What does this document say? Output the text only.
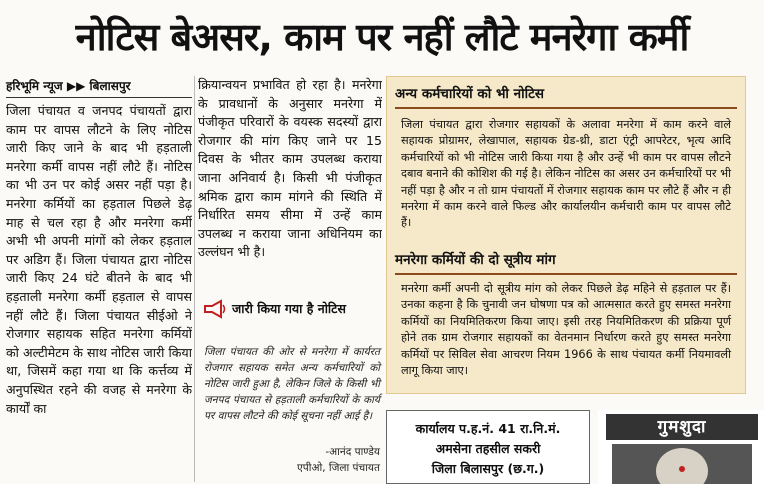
नोटिस बेअसर, काम पर नहीं लौटे मनरेगा कर्मी
हरिभूमि न्यूज ▶▶ बिलासपुर
जिला पंचायत व जनपद पंचायतों द्वारा काम पर वापस लौटने के लिए नोटिस जारी किए जाने के बाद भी हड़ताली मनरेगा कर्मी वापस नहीं लौटे हैं। नोटिस का भी उन पर कोई असर नहीं पड़ा है। मनरेगा कर्मियों का हड़ताल पिछले डेढ़ माह से चल रहा है और मनरेगा कर्मी अभी भी अपनी मांगों को लेकर हड़ताल पर अडिग हैं। जिला पंचायत द्वारा नोटिस जारी किए 24 घंटे बीतने के बाद भी हड़ताली मनरेगा कर्मी हड़ताल से वापस नहीं लौटे हैं। जिला पंचायत सीईओ ने रोजगार सहायक सहित मनरेगा कर्मियों को अल्टीमेटम के साथ नोटिस जारी किया था, जिसमें कहा गया था कि कर्त्तव्य में अनुपस्थित रहने की वजह से मनरेगा के कार्यों का
क्रियान्वयन प्रभावित हो रहा है। मनरेगा के प्रावधानों के अनुसार मनरेगा में पंजीकृत परिवारों के वयस्क सदस्यों द्वारा रोजगार की मांग किए जाने पर 15 दिवस के भीतर काम उपलब्ध कराया जाना अनिवार्य है। किसी भी पंजीकृत श्रमिक द्वारा काम मांगने की स्थिति में निर्धारित समय सीमा में उन्हें काम उपलब्ध न कराया जाना अधिनियम का उल्लंघन भी है।
जारी किया गया है नोटिस
जिला पंचायत की ओर से मनरेगा में कार्यरत रोजगार सहायक समेत अन्य कर्मचारियों को नोटिस जारी हुआ है, लेकिन जिले के किसी भी जनपद पंचायत से हड़ताली कर्मचारियों के कार्य पर वापस लौटने की कोई सूचना नहीं आई है।
-आनंद पाण्डेय
एपीओ, जिला पंचायत
अन्य कर्मचारियों को भी नोटिस
जिला पंचायत द्वारा रोजगार सहायकों के अलावा मनरेगा में काम करने वाले सहायक प्रोग्रामर, लेखापाल, सहायक ग्रेड-थ्री, डाटा एंट्री आपरेटर, भृत्य आदि कर्मचारियों को भी नोटिस जारी किया गया है और उन्हें भी काम पर वापस लौटने दबाव बनाने की कोशिश की गई है। लेकिन नोटिस का असर उन कर्मचारियों पर भी नहीं पड़ा है और न तो ग्राम पंचायतों में रोजगार सहायक काम पर लौटे हैं और न ही मनरेगा में काम करने वाले फिल्ड और कार्यालयीन कर्मचारी काम पर वापस लौटे हैं।
मनरेगा कर्मियों की दो सूत्रीय मांग
मनरेगा कर्मी अपनी दो सूत्रीय मांग को लेकर पिछले डेढ़ महिने से हड़ताल पर हैं। उनका कहना है कि चुनावी जन घोषणा पत्र को आत्मसात करते हुए समस्त मनरेगा कर्मियों का नियमितिकरण किया जाए। इसी तरह नियमितिकरण की प्रक्रिया पूर्ण होने तक ग्राम रोजगार सहायकों का वेतनमान निर्धारण करते हुए समस्त मनरेगा कर्मियों पर सिविल सेवा आचरण नियम 1966 के साथ पंचायत कर्मी नियमावली लागू किया जाए।
कार्यालय प.ह.नं. 41 रा.नि.मं.
अमसेना तहसील सकरी
जिला बिलासपुर (छ.ग.)
गुमशुदा
